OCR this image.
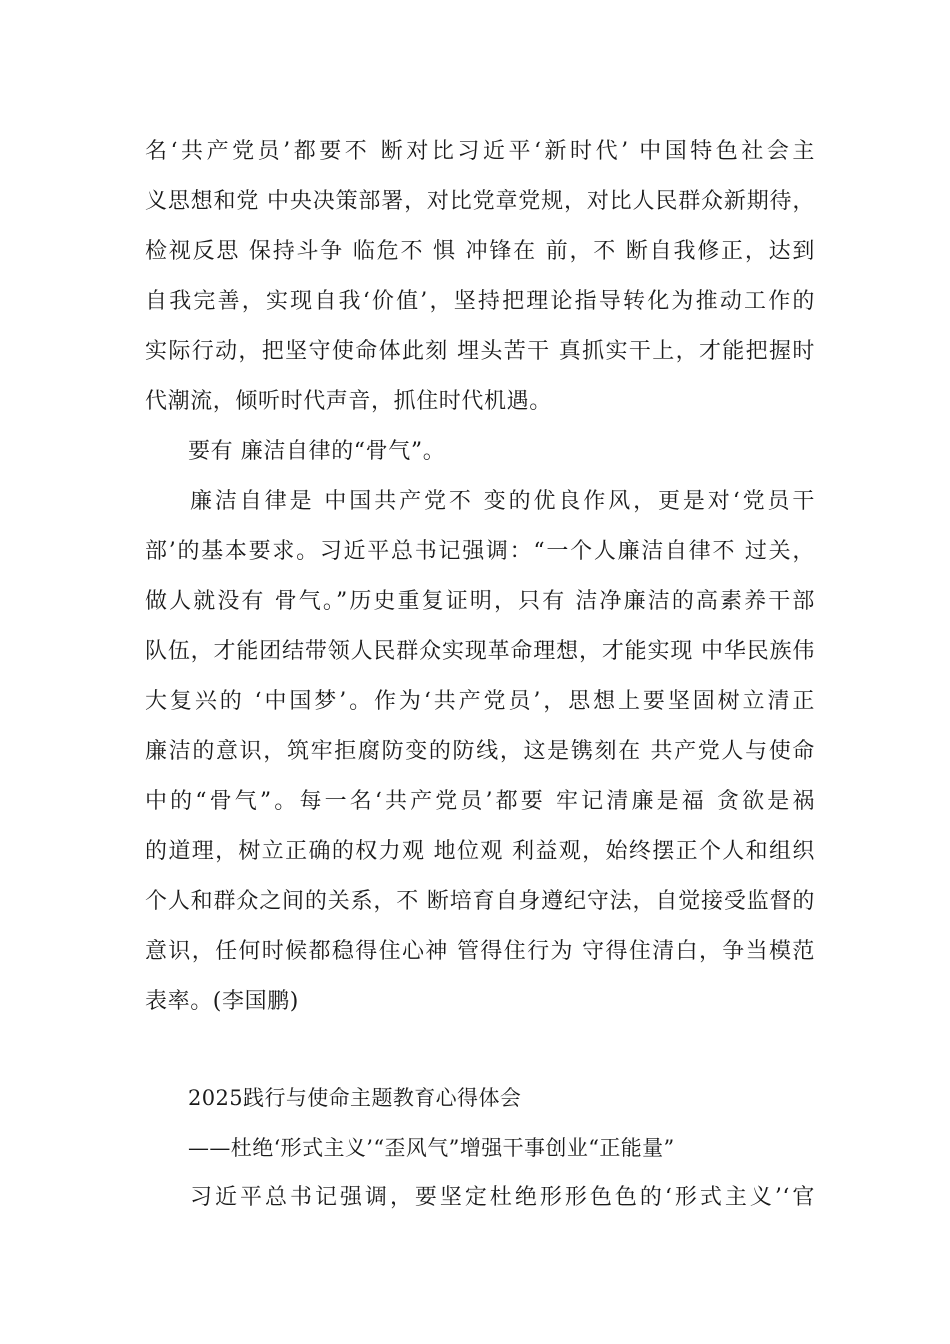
名‘共产党员’都要不 断对比习近平‘新时代’ 中国特色社会主
义思想和党 中央决策部署，对比党章党规，对比人民群众新期待，
检视反思 保持斗争 临危不 惧 冲锋在 前，不 断自我修正，达到
自我完善，实现自我‘价值’，坚持把理论指导转化为推动工作的
实际行动，把坚守使命体此刻 埋头苦干 真抓实干上，才能把握时
代潮流，倾听时代声音，抓住时代机遇。
要有 廉洁自律的“骨气”。
廉洁自律是 中国共产党不 变的优良作风，更是对‘党员干
部’的基本要求。习近平总书记强调：“一个人廉洁自律不 过关，
做人就没有 骨气。”历史重复证明，只有 洁净廉洁的高素养干部
队伍，才能团结带领人民群众实现革命理想，才能实现 中华民族伟
大复兴的 ‘中国梦’。作为‘共产党员’，思想上要坚固树立清正
廉洁的意识，筑牢拒腐防变的防线，这是镌刻在 共产党人与使命
中的“骨气”。每一名‘共产党员’都要 牢记清廉是福 贪欲是祸
的道理，树立正确的权力观 地位观 利益观，始终摆正个人和组织
个人和群众之间的关系，不 断培育自身遵纪守法，自觉接受监督的
意识，任何时候都稳得住心神 管得住行为 守得住清白，争当模范
表率。(李国鹏)
2025践行与使命主题教育心得体会
——杜绝‘形式主义’“歪风气”增强干事创业“正能量”
习近平总书记强调，要坚定杜绝形形色色的‘形式主义’‘官
